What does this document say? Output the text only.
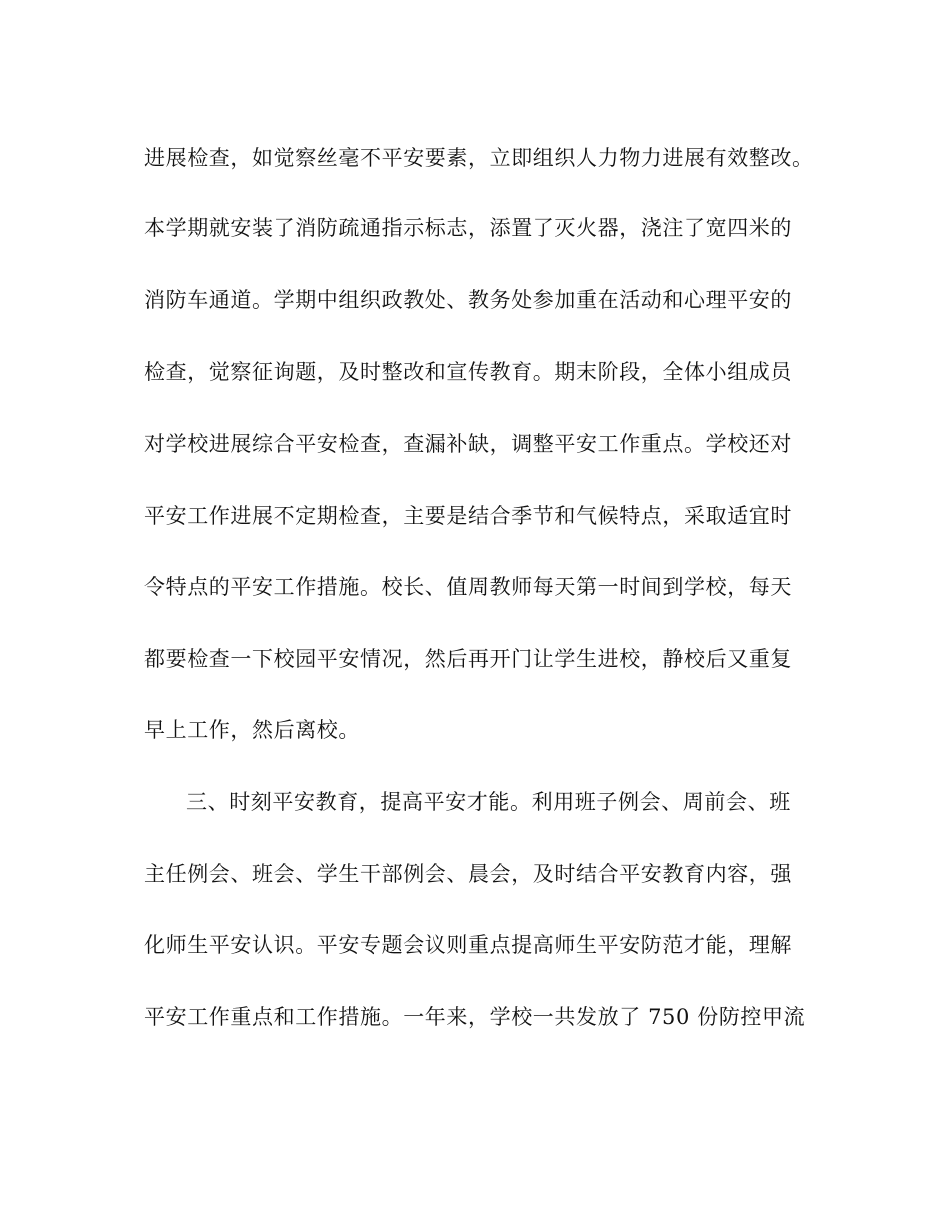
进展检查，如觉察丝毫不平安要素，立即组织人力物力进展有效整改。
本学期就安装了消防疏通指示标志，添置了灭火器，浇注了宽四米的
消防车通道。学期中组织政教处、教务处参加重在活动和心理平安的
检查，觉察征询题，及时整改和宣传教育。期末阶段，全体小组成员
对学校进展综合平安检查，查漏补缺，调整平安工作重点。学校还对
平安工作进展不定期检查，主要是结合季节和气候特点，采取适宜时
令特点的平安工作措施。校长、值周教师每天第一时间到学校，每天
都要检查一下校园平安情况，然后再开门让学生进校，静校后又重复
早上工作，然后离校。
三、时刻平安教育，提高平安才能。利用班子例会、周前会、班
主任例会、班会、学生干部例会、晨会，及时结合平安教育内容，强
化师生平安认识。平安专题会议则重点提高师生平安防范才能，理解
平安工作重点和工作措施。一年来，学校一共发放了 750 份防控甲流
